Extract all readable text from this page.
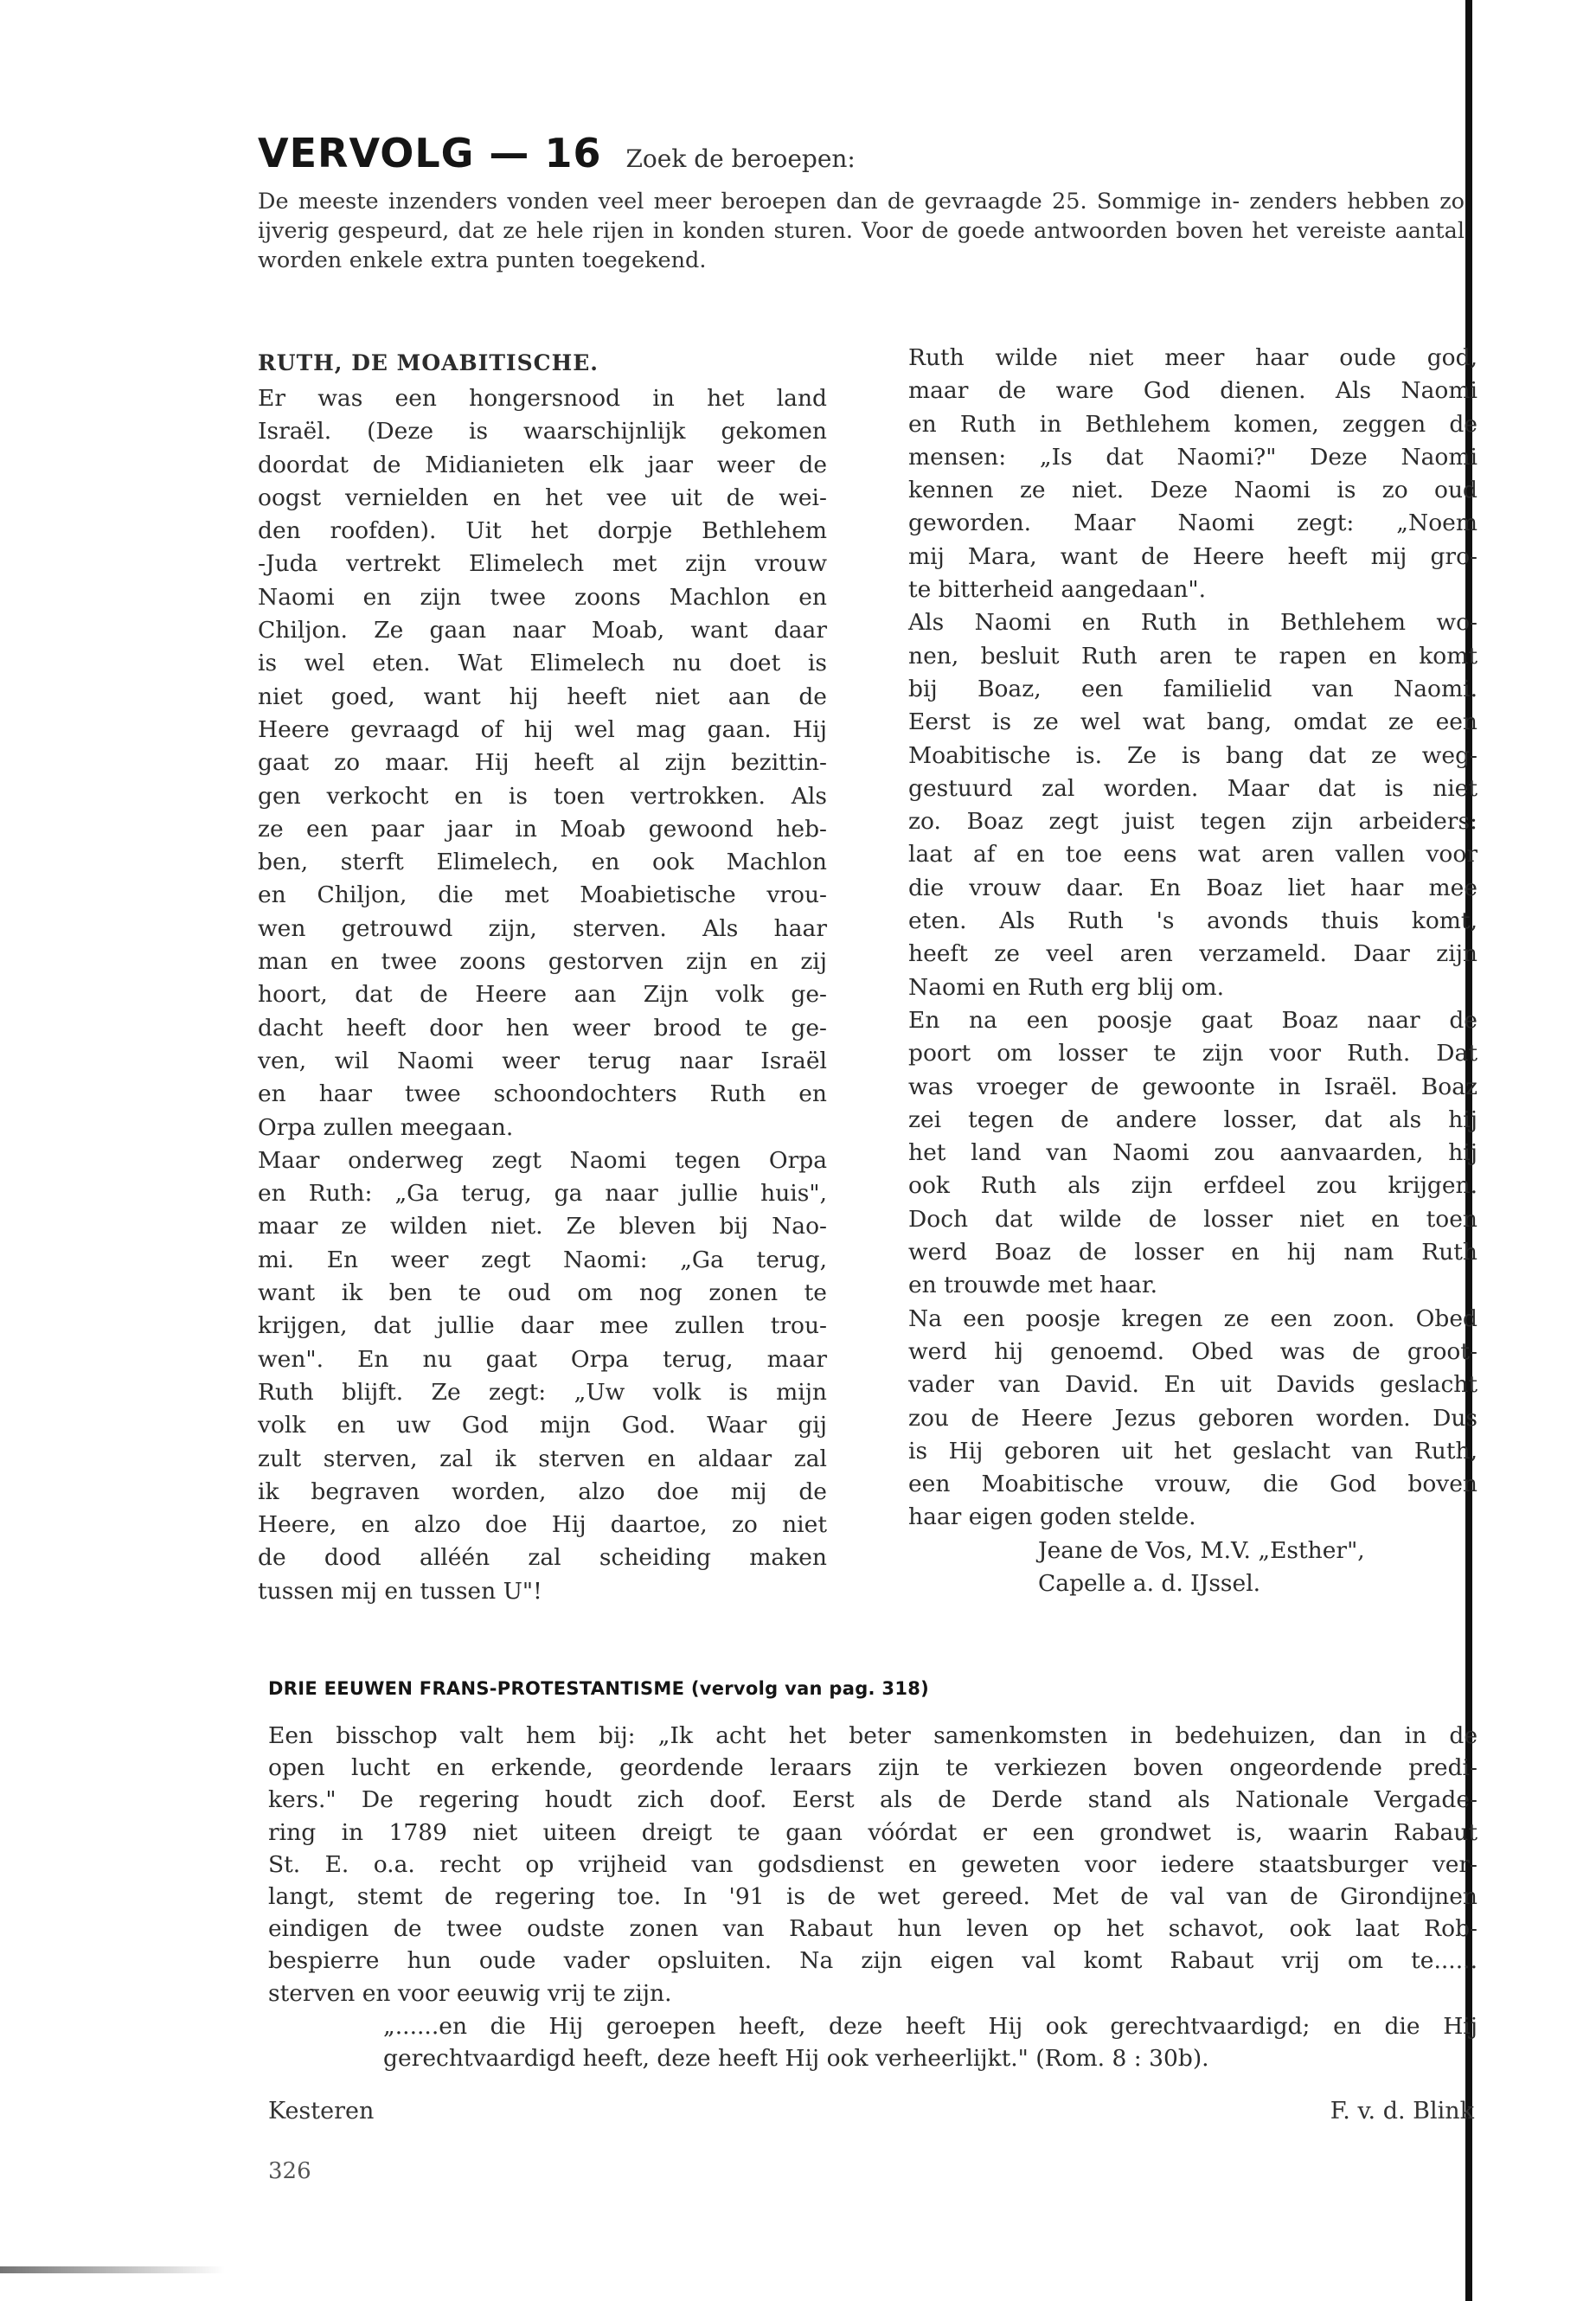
VERVOLG — 16 Zoek de beroepen:
De meeste inzenders vonden veel meer beroepen dan de gevraagde 25. Sommige in- zenders hebben zo ijverig gespeurd, dat ze hele rijen in konden sturen. Voor de goede antwoorden boven het vereiste aantal worden enkele extra punten toegekend.
RUTH, DE MOABITISCHE.
Er was een hongersnood in het land
Israël. (Deze is waarschijnlijk gekomen
doordat de Midianieten elk jaar weer de
oogst vernielden en het vee uit de wei-
den roofden). Uit het dorpje Bethlehem
-Juda vertrekt Elimelech met zijn vrouw
Naomi en zijn twee zoons Machlon en
Chiljon. Ze gaan naar Moab, want daar
is wel eten. Wat Elimelech nu doet is
niet goed, want hij heeft niet aan de
Heere gevraagd of hij wel mag gaan. Hij
gaat zo maar. Hij heeft al zijn bezittin-
gen verkocht en is toen vertrokken. Als
ze een paar jaar in Moab gewoond heb-
ben, sterft Elimelech, en ook Machlon
en Chiljon, die met Moabietische vrou-
wen getrouwd zijn, sterven. Als haar
man en twee zoons gestorven zijn en zij
hoort, dat de Heere aan Zijn volk ge-
dacht heeft door hen weer brood te ge-
ven, wil Naomi weer terug naar Israël
en haar twee schoondochters Ruth en
Orpa zullen meegaan.
Maar onderweg zegt Naomi tegen Orpa
en Ruth: „Ga terug, ga naar jullie huis",
maar ze wilden niet. Ze bleven bij Nao-
mi. En weer zegt Naomi: „Ga terug,
want ik ben te oud om nog zonen te
krijgen, dat jullie daar mee zullen trou-
wen". En nu gaat Orpa terug, maar
Ruth blijft. Ze zegt: „Uw volk is mijn
volk en uw God mijn God. Waar gij
zult sterven, zal ik sterven en aldaar zal
ik begraven worden, alzo doe mij de
Heere, en alzo doe Hij daartoe, zo niet
de dood alléén zal scheiding maken
tussen mij en tussen U"!
Ruth wilde niet meer haar oude god,
maar de ware God dienen. Als Naomi
en Ruth in Bethlehem komen, zeggen de
mensen: „Is dat Naomi?" Deze Naomi
kennen ze niet. Deze Naomi is zo oud
geworden. Maar Naomi zegt: „Noem
mij Mara, want de Heere heeft mij gro-
te bitterheid aangedaan".
Als Naomi en Ruth in Bethlehem wo-
nen, besluit Ruth aren te rapen en komt
bij Boaz, een familielid van Naomi.
Eerst is ze wel wat bang, omdat ze een
Moabitische is. Ze is bang dat ze weg-
gestuurd zal worden. Maar dat is niet
zo. Boaz zegt juist tegen zijn arbeiders:
laat af en toe eens wat aren vallen voor
die vrouw daar. En Boaz liet haar mee
eten. Als Ruth 's avonds thuis komt,
heeft ze veel aren verzameld. Daar zijn
Naomi en Ruth erg blij om.
En na een poosje gaat Boaz naar de
poort om losser te zijn voor Ruth. Dat
was vroeger de gewoonte in Israël. Boaz
zei tegen de andere losser, dat als hij
het land van Naomi zou aanvaarden, hij
ook Ruth als zijn erfdeel zou krijgen.
Doch dat wilde de losser niet en toen
werd Boaz de losser en hij nam Ruth
en trouwde met haar.
Na een poosje kregen ze een zoon. Obed
werd hij genoemd. Obed was de groot-
vader van David. En uit Davids geslacht
zou de Heere Jezus geboren worden. Dus
is Hij geboren uit het geslacht van Ruth,
een Moabitische vrouw, die God boven
haar eigen goden stelde.
Jeane de Vos, M.V. „Esther",
Capelle a. d. IJssel.
DRIE EEUWEN FRANS-PROTESTANTISME (vervolg van pag. 318)
Een bisschop valt hem bij: „Ik acht het beter samenkomsten in bedehuizen, dan in de
open lucht en erkende, geordende leraars zijn te verkiezen boven ongeordende predi-
kers." De regering houdt zich doof. Eerst als de Derde stand als Nationale Vergade-
ring in 1789 niet uiteen dreigt te gaan vóórdat er een grondwet is, waarin Rabaut
St. E. o.a. recht op vrijheid van godsdienst en geweten voor iedere staatsburger ver-
langt, stemt de regering toe. In '91 is de wet gereed. Met de val van de Girondijnen
eindigen de twee oudste zonen van Rabaut hun leven op het schavot, ook laat Rob-
bespierre hun oude vader opsluiten. Na zijn eigen val komt Rabaut vrij om te......
sterven en voor eeuwig vrij te zijn.
„......en die Hij geroepen heeft, deze heeft Hij ook gerechtvaardigd; en die Hij
gerechtvaardigd heeft, deze heeft Hij ook verheerlijkt." (Rom. 8 : 30b).
Kesteren	F. v. d. Blink
326
